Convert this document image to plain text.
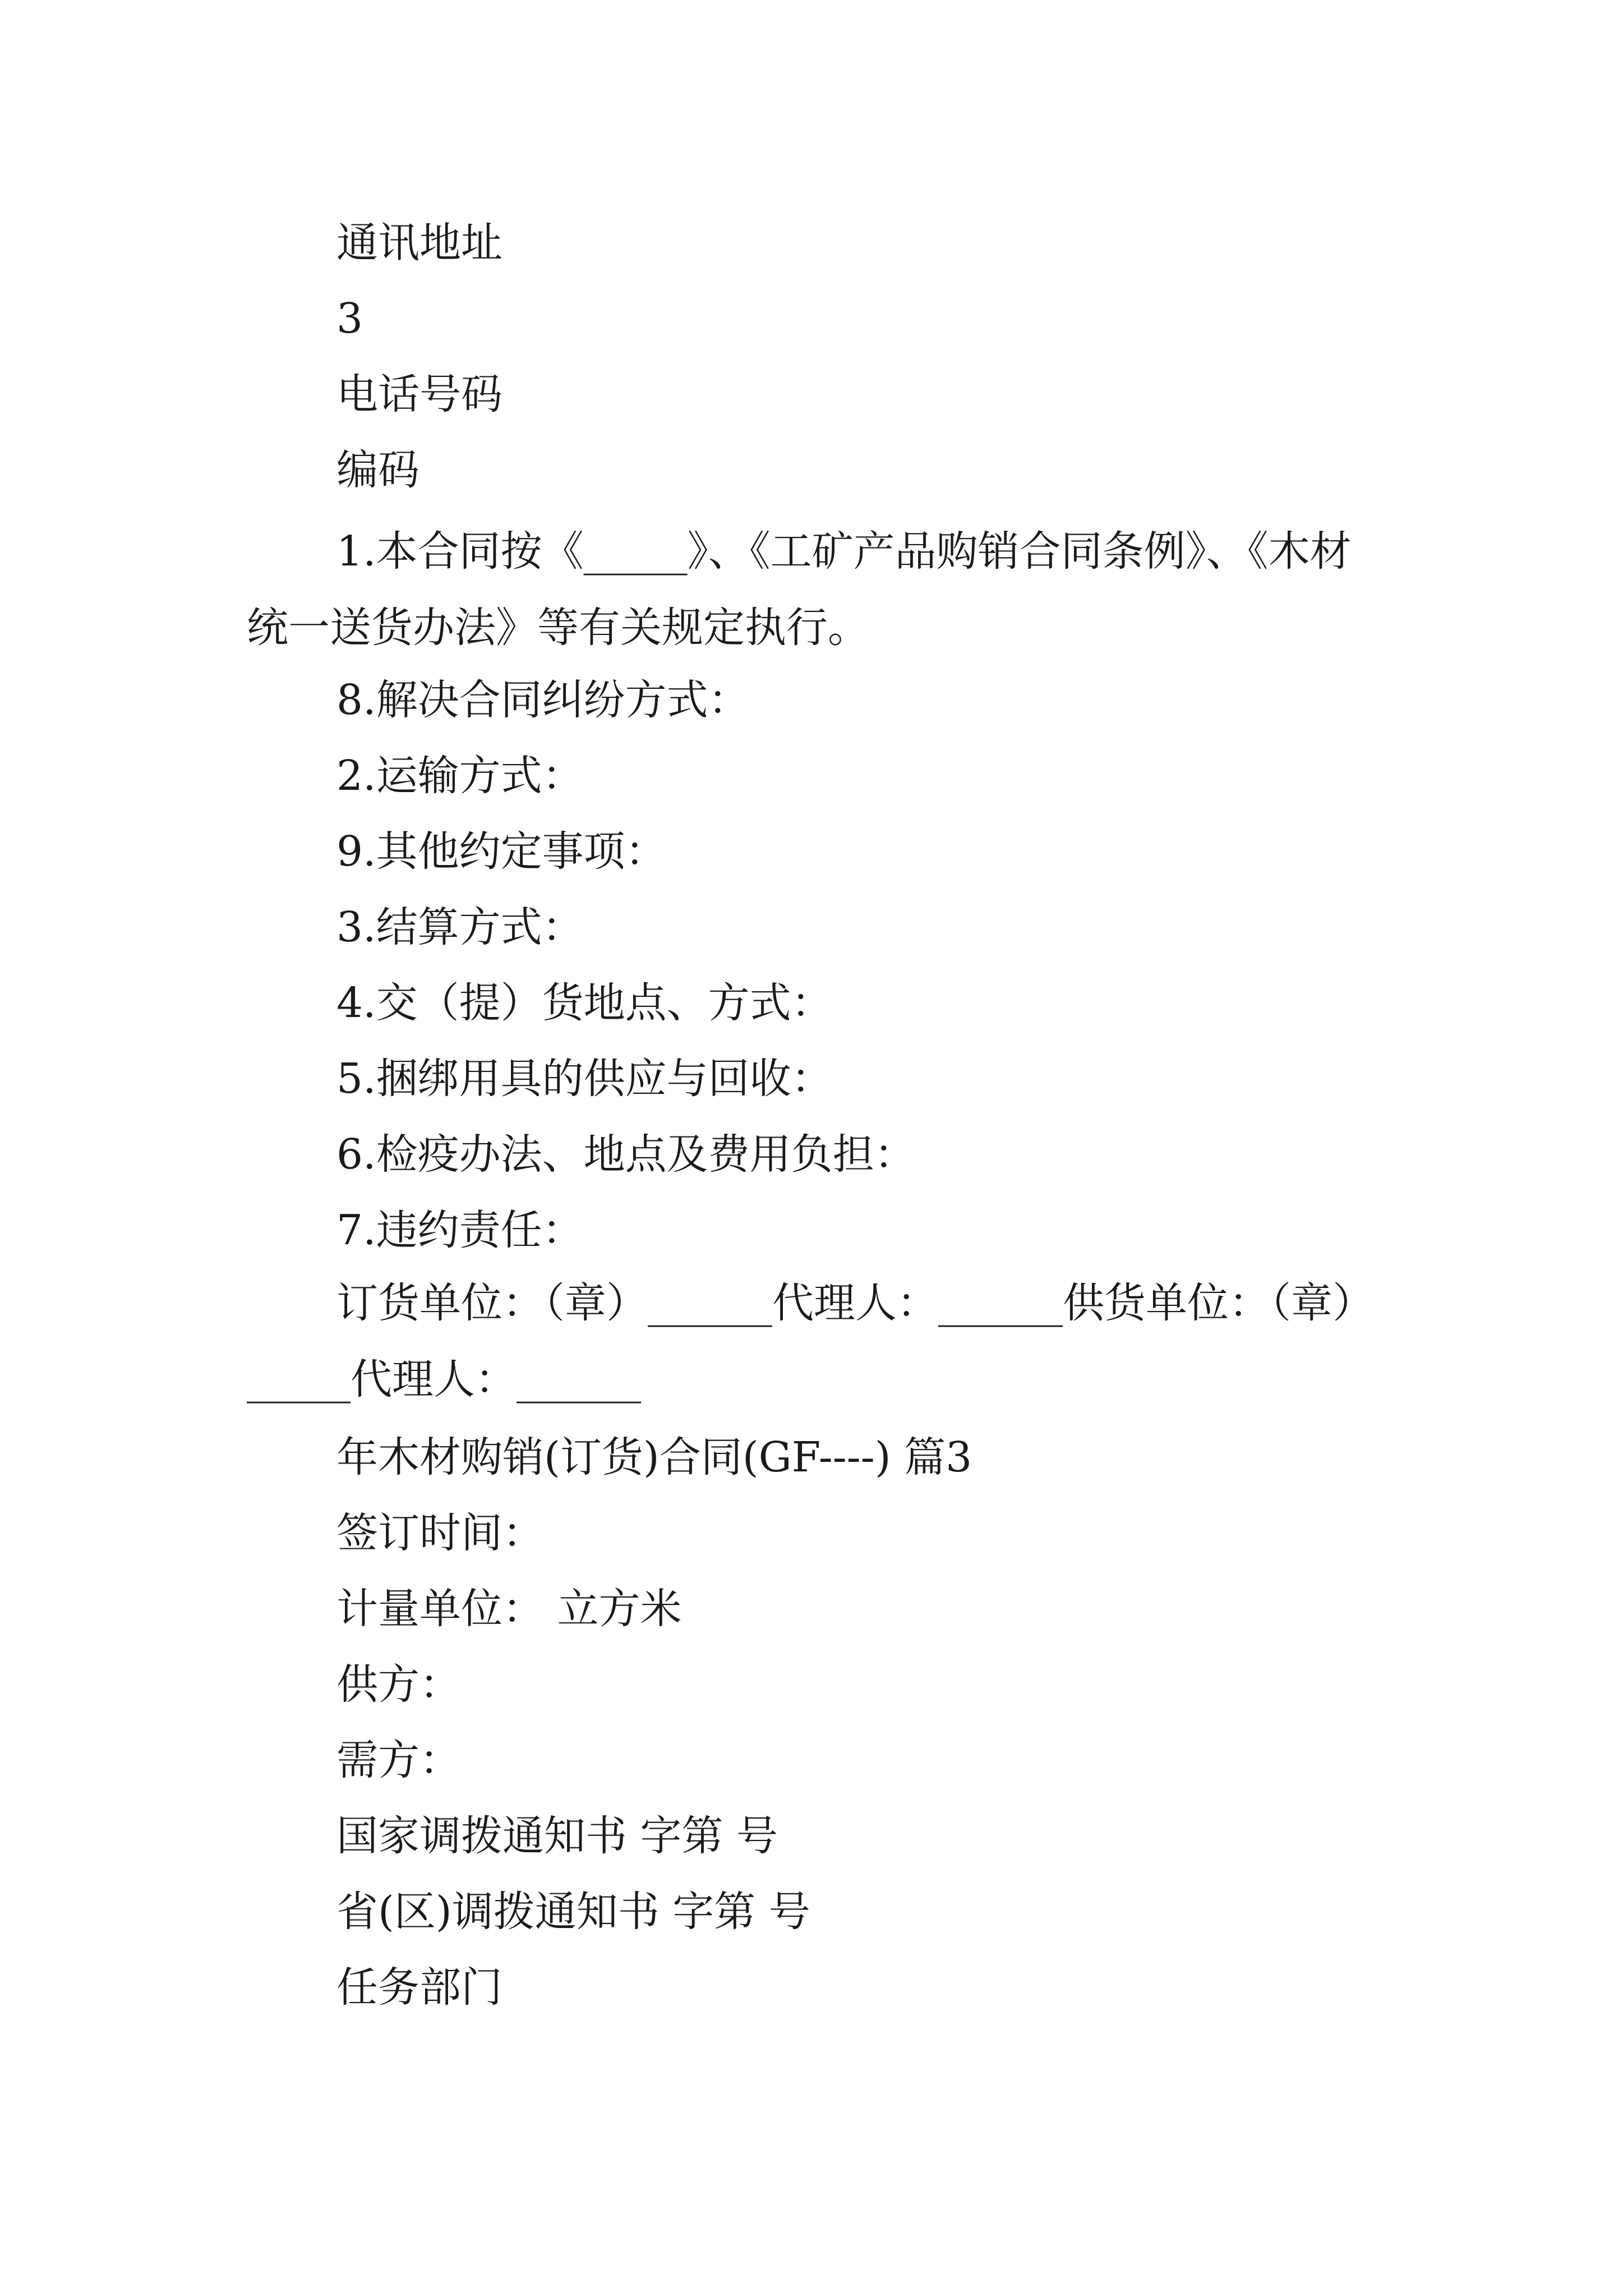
通讯地址
3
电话号码
编码
1.本合同按《_____》、《工矿产品购销合同条例》、《木材统一送货办法》等有关规定执行。
8.解决合同纠纷方式：
2.运输方式：
9.其他约定事项：
3.结算方式：
4.交（提）货地点、方式：
5.捆绑用具的供应与回收：
6.检疫办法、地点及费用负担：
7.违约责任：
订货单位：（章）______代理人：______供货单位：（章）_____代理人：______
年木材购销(订货)合同(GF----) 篇3
签订时间：
计量单位： 立方米
供方：
需方：
国家调拨通知书 字第 号
省(区)调拨通知书 字第 号
任务部门
